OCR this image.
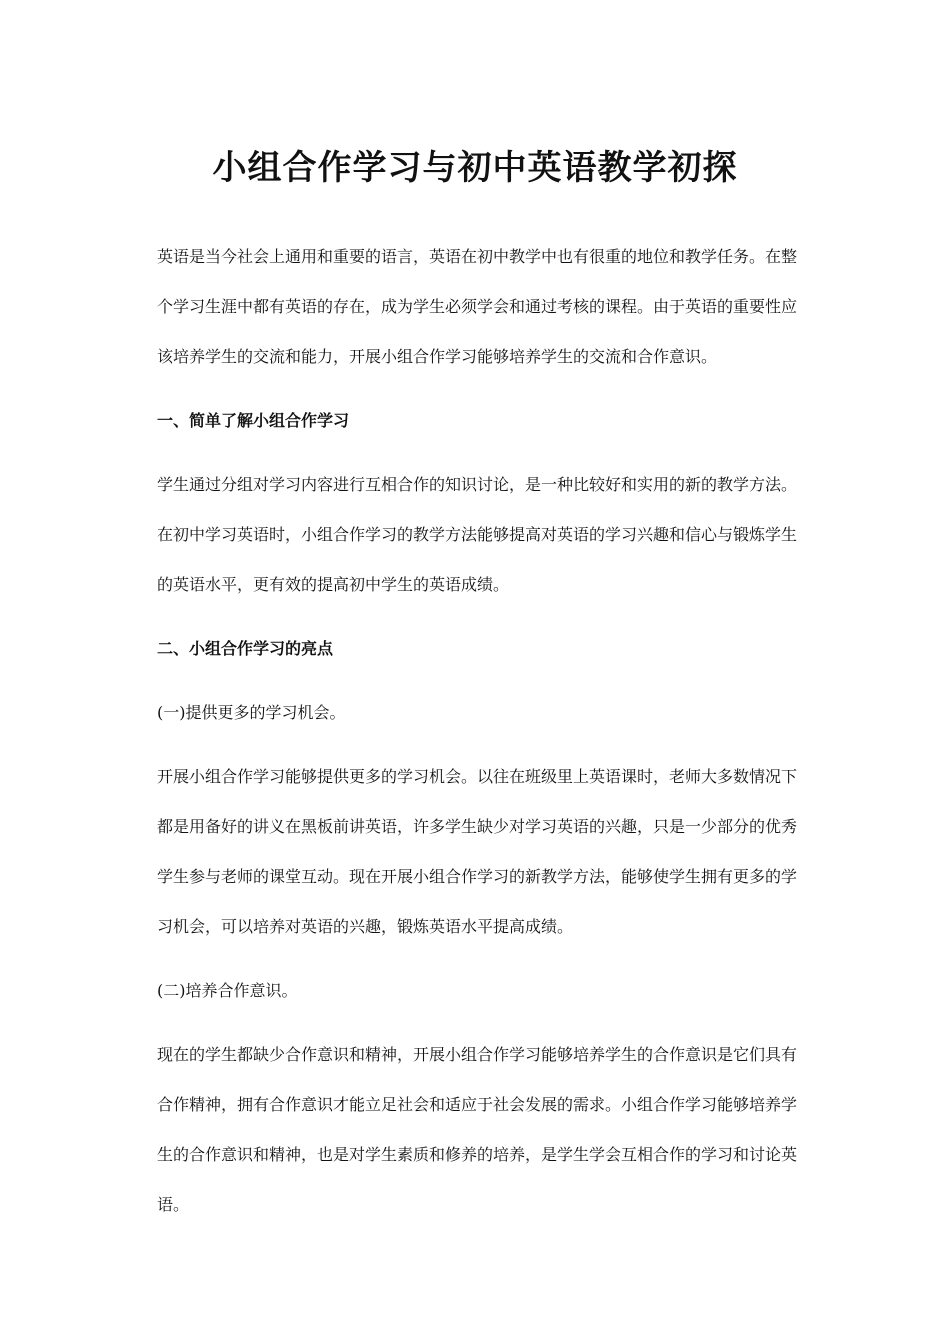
小组合作学习与初中英语教学初探

英语是当今社会上通用和重要的语言，英语在初中教学中也有很重的地位和教学任务。在整个学习生涯中都有英语的存在，成为学生必须学会和通过考核的课程。由于英语的重要性应该培养学生的交流和能力，开展小组合作学习能够培养学生的交流和合作意识。

一、简单了解小组合作学习

学生通过分组对学习内容进行互相合作的知识讨论，是一种比较好和实用的新的教学方法。在初中学习英语时，小组合作学习的教学方法能够提高对英语的学习兴趣和信心与锻炼学生的英语水平，更有效的提高初中学生的英语成绩。

二、小组合作学习的亮点

(一)提供更多的学习机会。

开展小组合作学习能够提供更多的学习机会。以往在班级里上英语课时，老师大多数情况下都是用备好的讲义在黑板前讲英语，许多学生缺少对学习英语的兴趣，只是一少部分的优秀学生参与老师的课堂互动。现在开展小组合作学习的新教学方法，能够使学生拥有更多的学习机会，可以培养对英语的兴趣，锻炼英语水平提高成绩。

(二)培养合作意识。

现在的学生都缺少合作意识和精神，开展小组合作学习能够培养学生的合作意识是它们具有合作精神，拥有合作意识才能立足社会和适应于社会发展的需求。小组合作学习能够培养学生的合作意识和精神，也是对学生素质和修养的培养，是学生学会互相合作的学习和讨论英语。
